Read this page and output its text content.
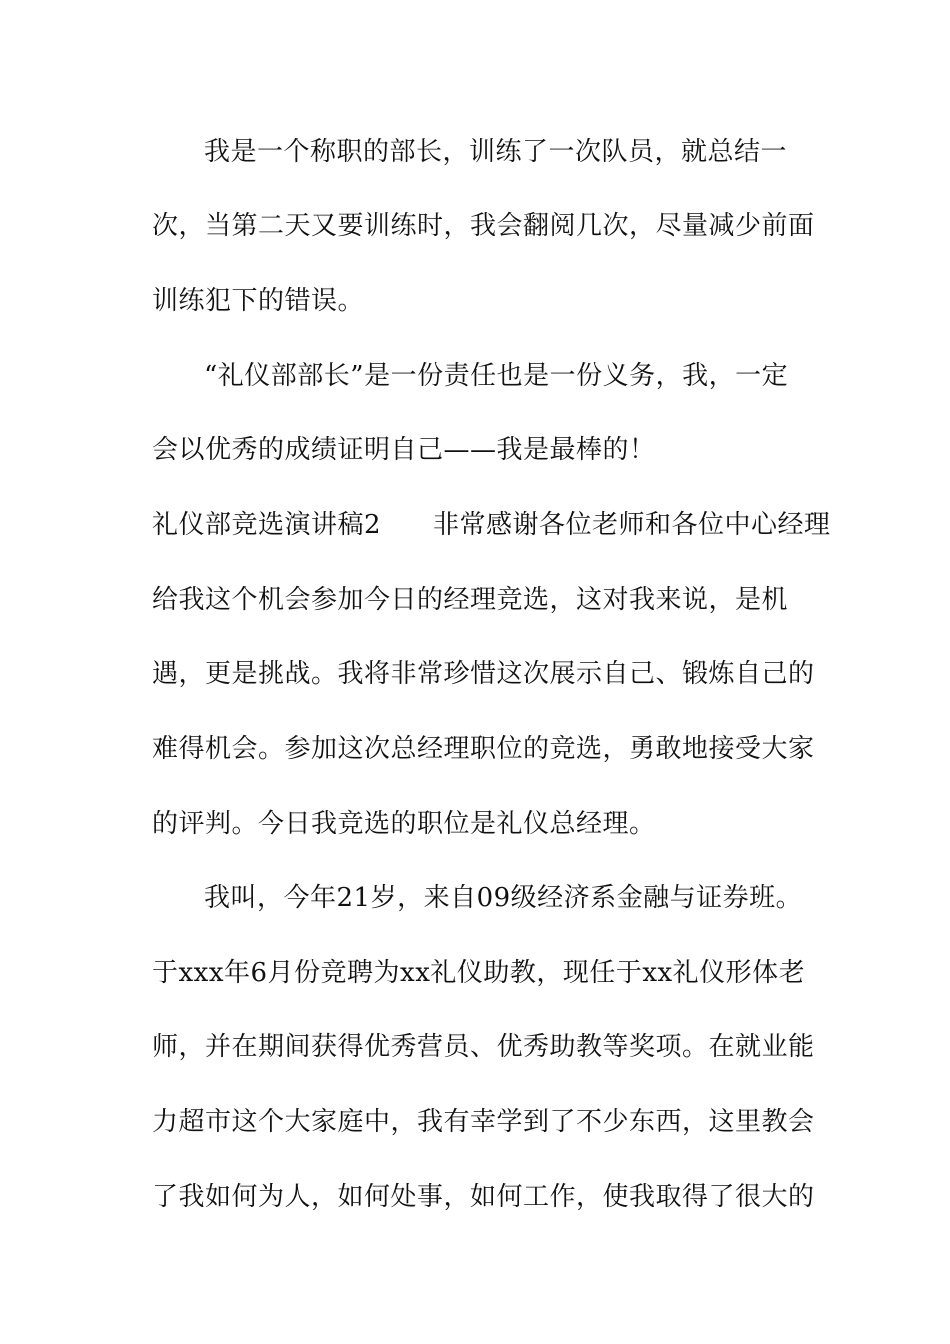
我是一个称职的部长，训练了一次队员，就总结一
次，当第二天又要训练时，我会翻阅几次，尽量减少前面
训练犯下的错误。
“礼仪部部长”是一份责任也是一份义务，我，一定
会以优秀的成绩证明自己——我是最棒的！
礼仪部竞选演讲稿2 非常感谢各位老师和各位中心经理
给我这个机会参加今日的经理竞选，这对我来说，是机
遇，更是挑战。我将非常珍惜这次展示自己、锻炼自己的
难得机会。参加这次总经理职位的竞选，勇敢地接受大家
的评判。今日我竞选的职位是礼仪总经理。
我叫，今年21岁，来自09级经济系金融与证券班。
于xxx年6月份竞聘为xx礼仪助教，现任于xx礼仪形体老
师，并在期间获得优秀营员、优秀助教等奖项。在就业能
力超市这个大家庭中，我有幸学到了不少东西，这里教会
了我如何为人，如何处事，如何工作，使我取得了很大的
